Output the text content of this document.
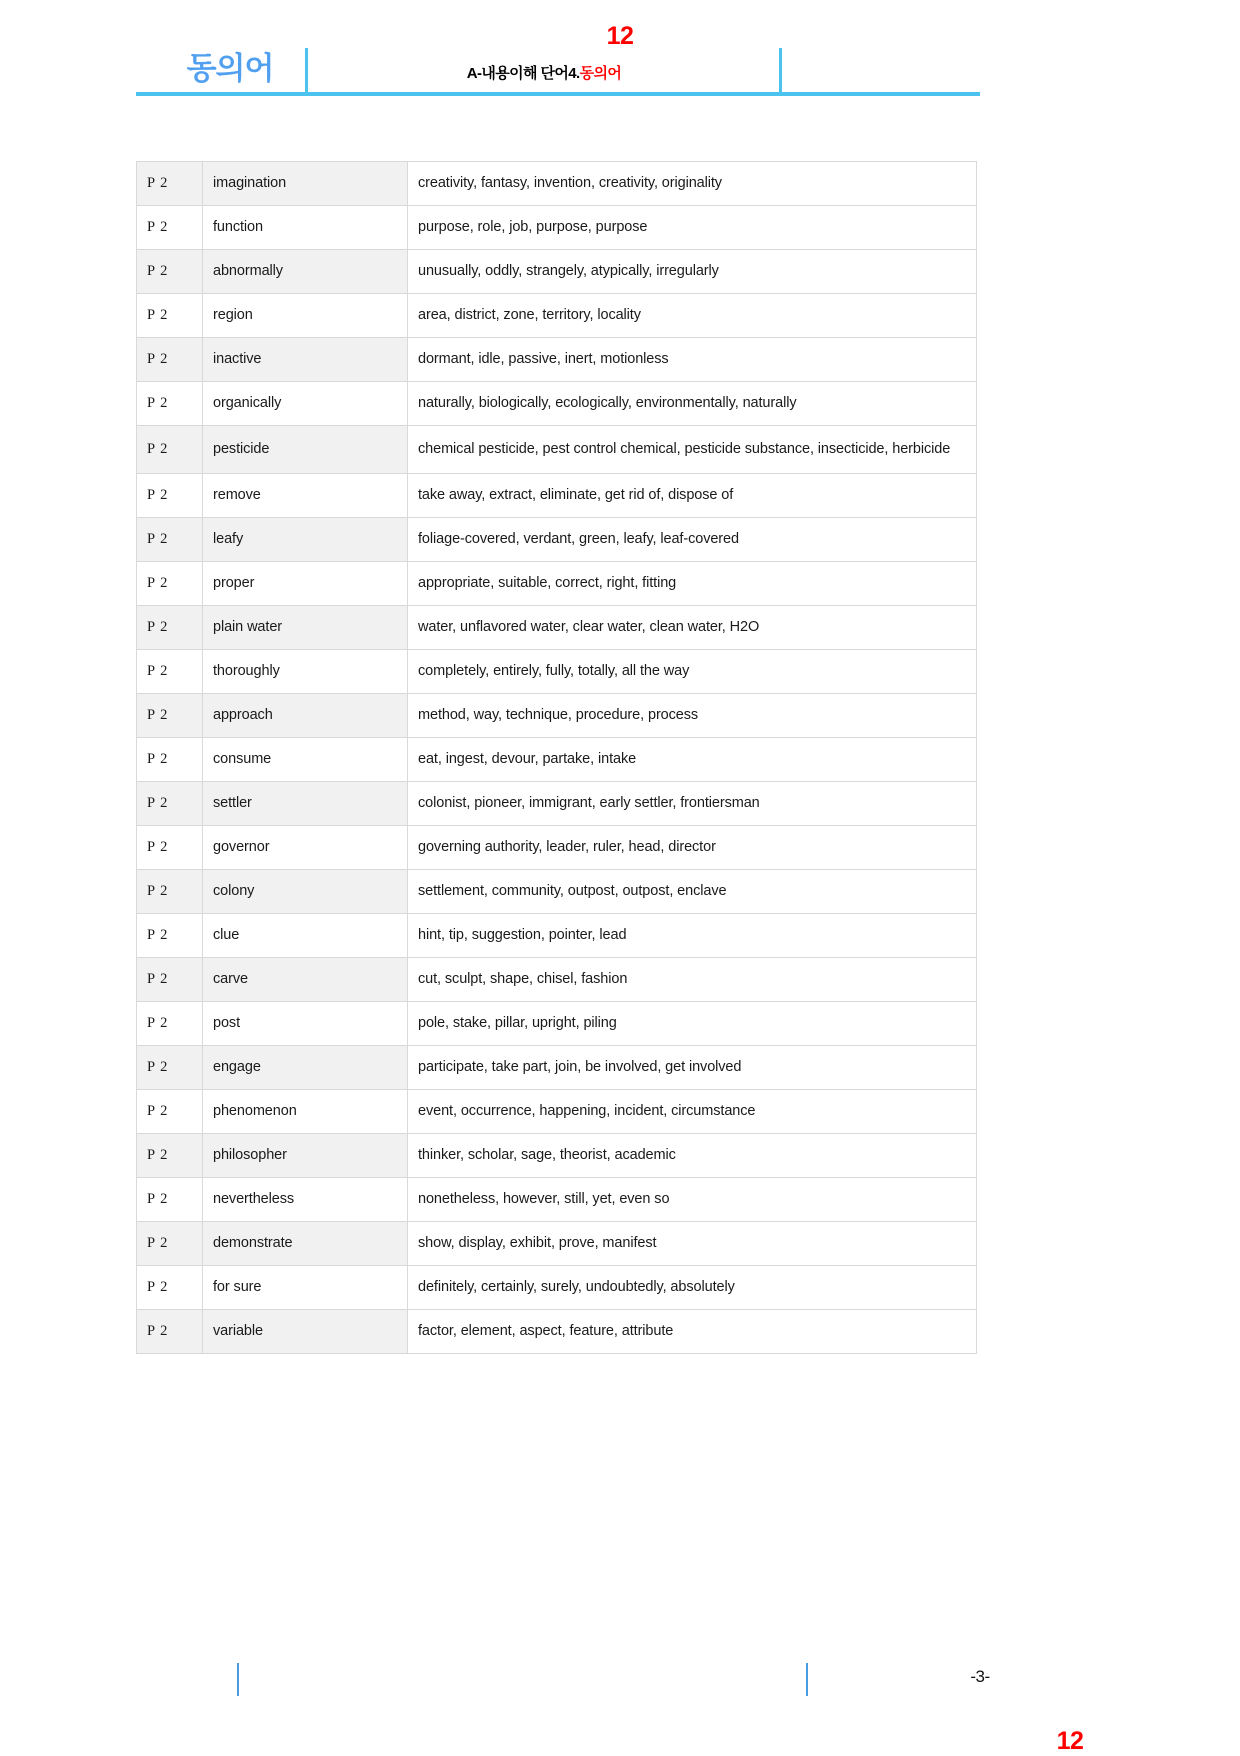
12
동의어	A-내용이해 단어4.동의어
P 2	imagination	creativity, fantasy, invention, creativity, originality
P 2	function	purpose, role, job, purpose, purpose
P 2	abnormally	unusually, oddly, strangely, atypically, irregularly
P 2	region	area, district, zone, territory, locality
P 2	inactive	dormant, idle, passive, inert, motionless
P 2	organically	naturally, biologically, ecologically, environmentally, naturally
P 2	pesticide	chemical pesticide, pest control chemical, pesticide substance, insecticide, herbicide
P 2	remove	take away, extract, eliminate, get rid of, dispose of
P 2	leafy	foliage-covered, verdant, green, leafy, leaf-covered
P 2	proper	appropriate, suitable, correct, right, fitting
P 2	plain water	water, unflavored water, clear water, clean water, H2O
P 2	thoroughly	completely, entirely, fully, totally, all the way
P 2	approach	method, way, technique, procedure, process
P 2	consume	eat, ingest, devour, partake, intake
P 2	settler	colonist, pioneer, immigrant, early settler, frontiersman
P 2	governor	governing authority, leader, ruler, head, director
P 2	colony	settlement, community, outpost, outpost, enclave
P 2	clue	hint, tip, suggestion, pointer, lead
P 2	carve	cut, sculpt, shape, chisel, fashion
P 2	post	pole, stake, pillar, upright, piling
P 2	engage	participate, take part, join, be involved, get involved
P 2	phenomenon	event, occurrence, happening, incident, circumstance
P 2	philosopher	thinker, scholar, sage, theorist, academic
P 2	nevertheless	nonetheless, however, still, yet, even so
P 2	demonstrate	show, display, exhibit, prove, manifest
P 2	for sure	definitely, certainly, surely, undoubtedly, absolutely
P 2	variable	factor, element, aspect, feature, attribute
-3-
12
